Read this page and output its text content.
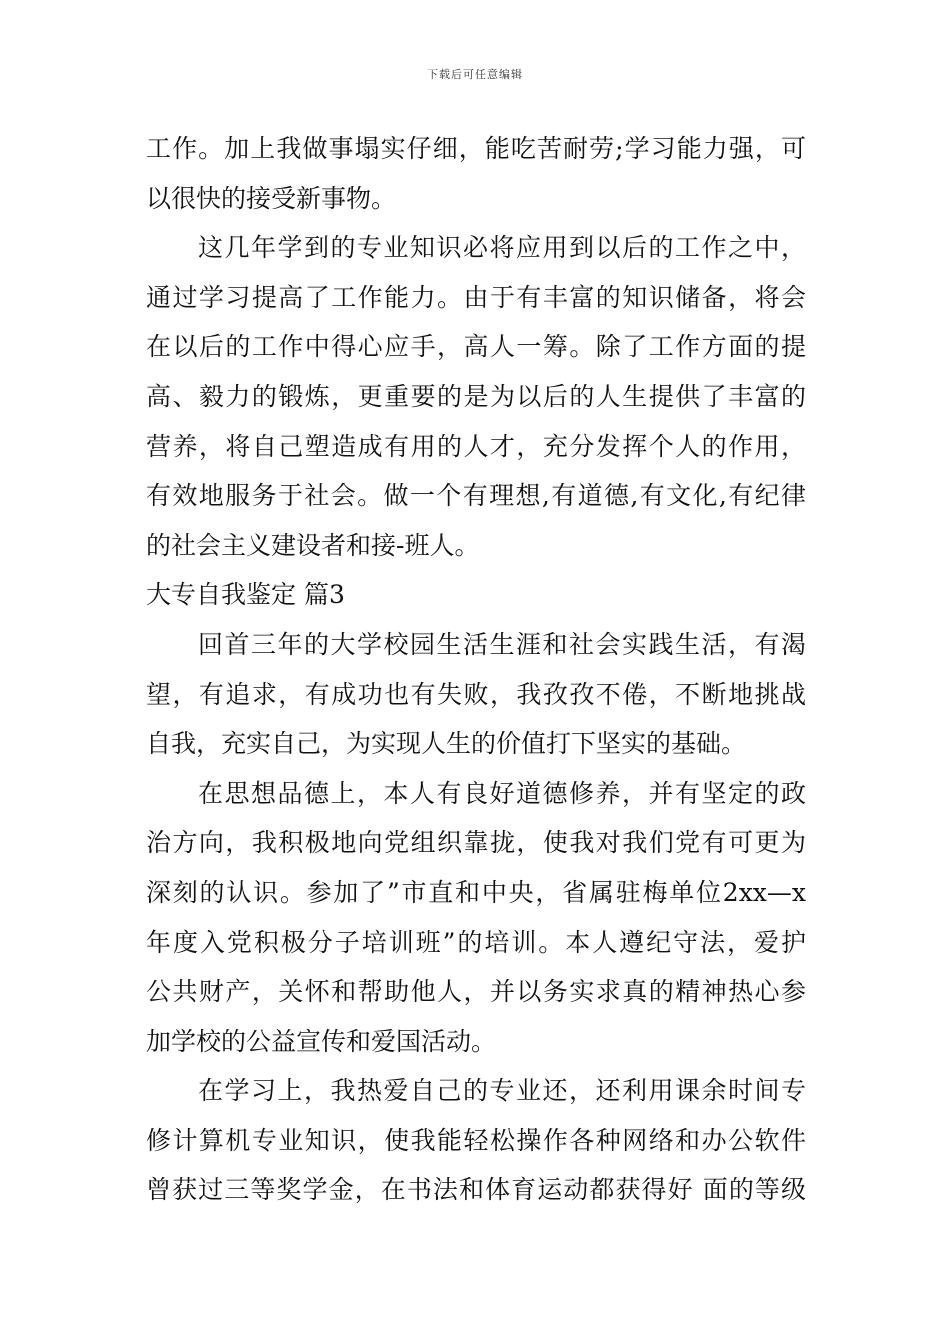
下载后可任意编辑
工作。加上我做事塌实仔细，能吃苦耐劳;学习能力强，可
以很快的接受新事物。
这几年学到的专业知识必将应用到以后的工作之中，
通过学习提高了工作能力。由于有丰富的知识储备，将会
在以后的工作中得心应手，高人一筹。除了工作方面的提
高、毅力的锻炼，更重要的是为以后的人生提供了丰富的
营养，将自己塑造成有用的人才，充分发挥个人的作用，
有效地服务于社会。做一个有理想,有道德,有文化,有纪律
的社会主义建设者和接-班人。
大专自我鉴定 篇3
回首三年的大学校园生活生涯和社会实践生活，有渴
望，有追求，有成功也有失败，我孜孜不倦，不断地挑战
自我，充实自己，为实现人生的价值打下坚实的基础。
在思想品德上，本人有良好道德修养，并有坚定的政
治方向，我积极地向党组织靠拢，使我对我们党有可更为
深刻的认识。参加了”市直和中央，省属驻梅单位2xx—x
年度入党积极分子培训班”的培训。本人遵纪守法，爱护
公共财产，关怀和帮助他人，并以务实求真的精神热心参
加学校的公益宣传和爱国活动。
在学习上，我热爱自己的专业还，还利用课余时间专
修计算机专业知识，使我能轻松操作各种网络和办公软件
曾获过三等奖学金，在书法和体育运动都获得好 面的等级
